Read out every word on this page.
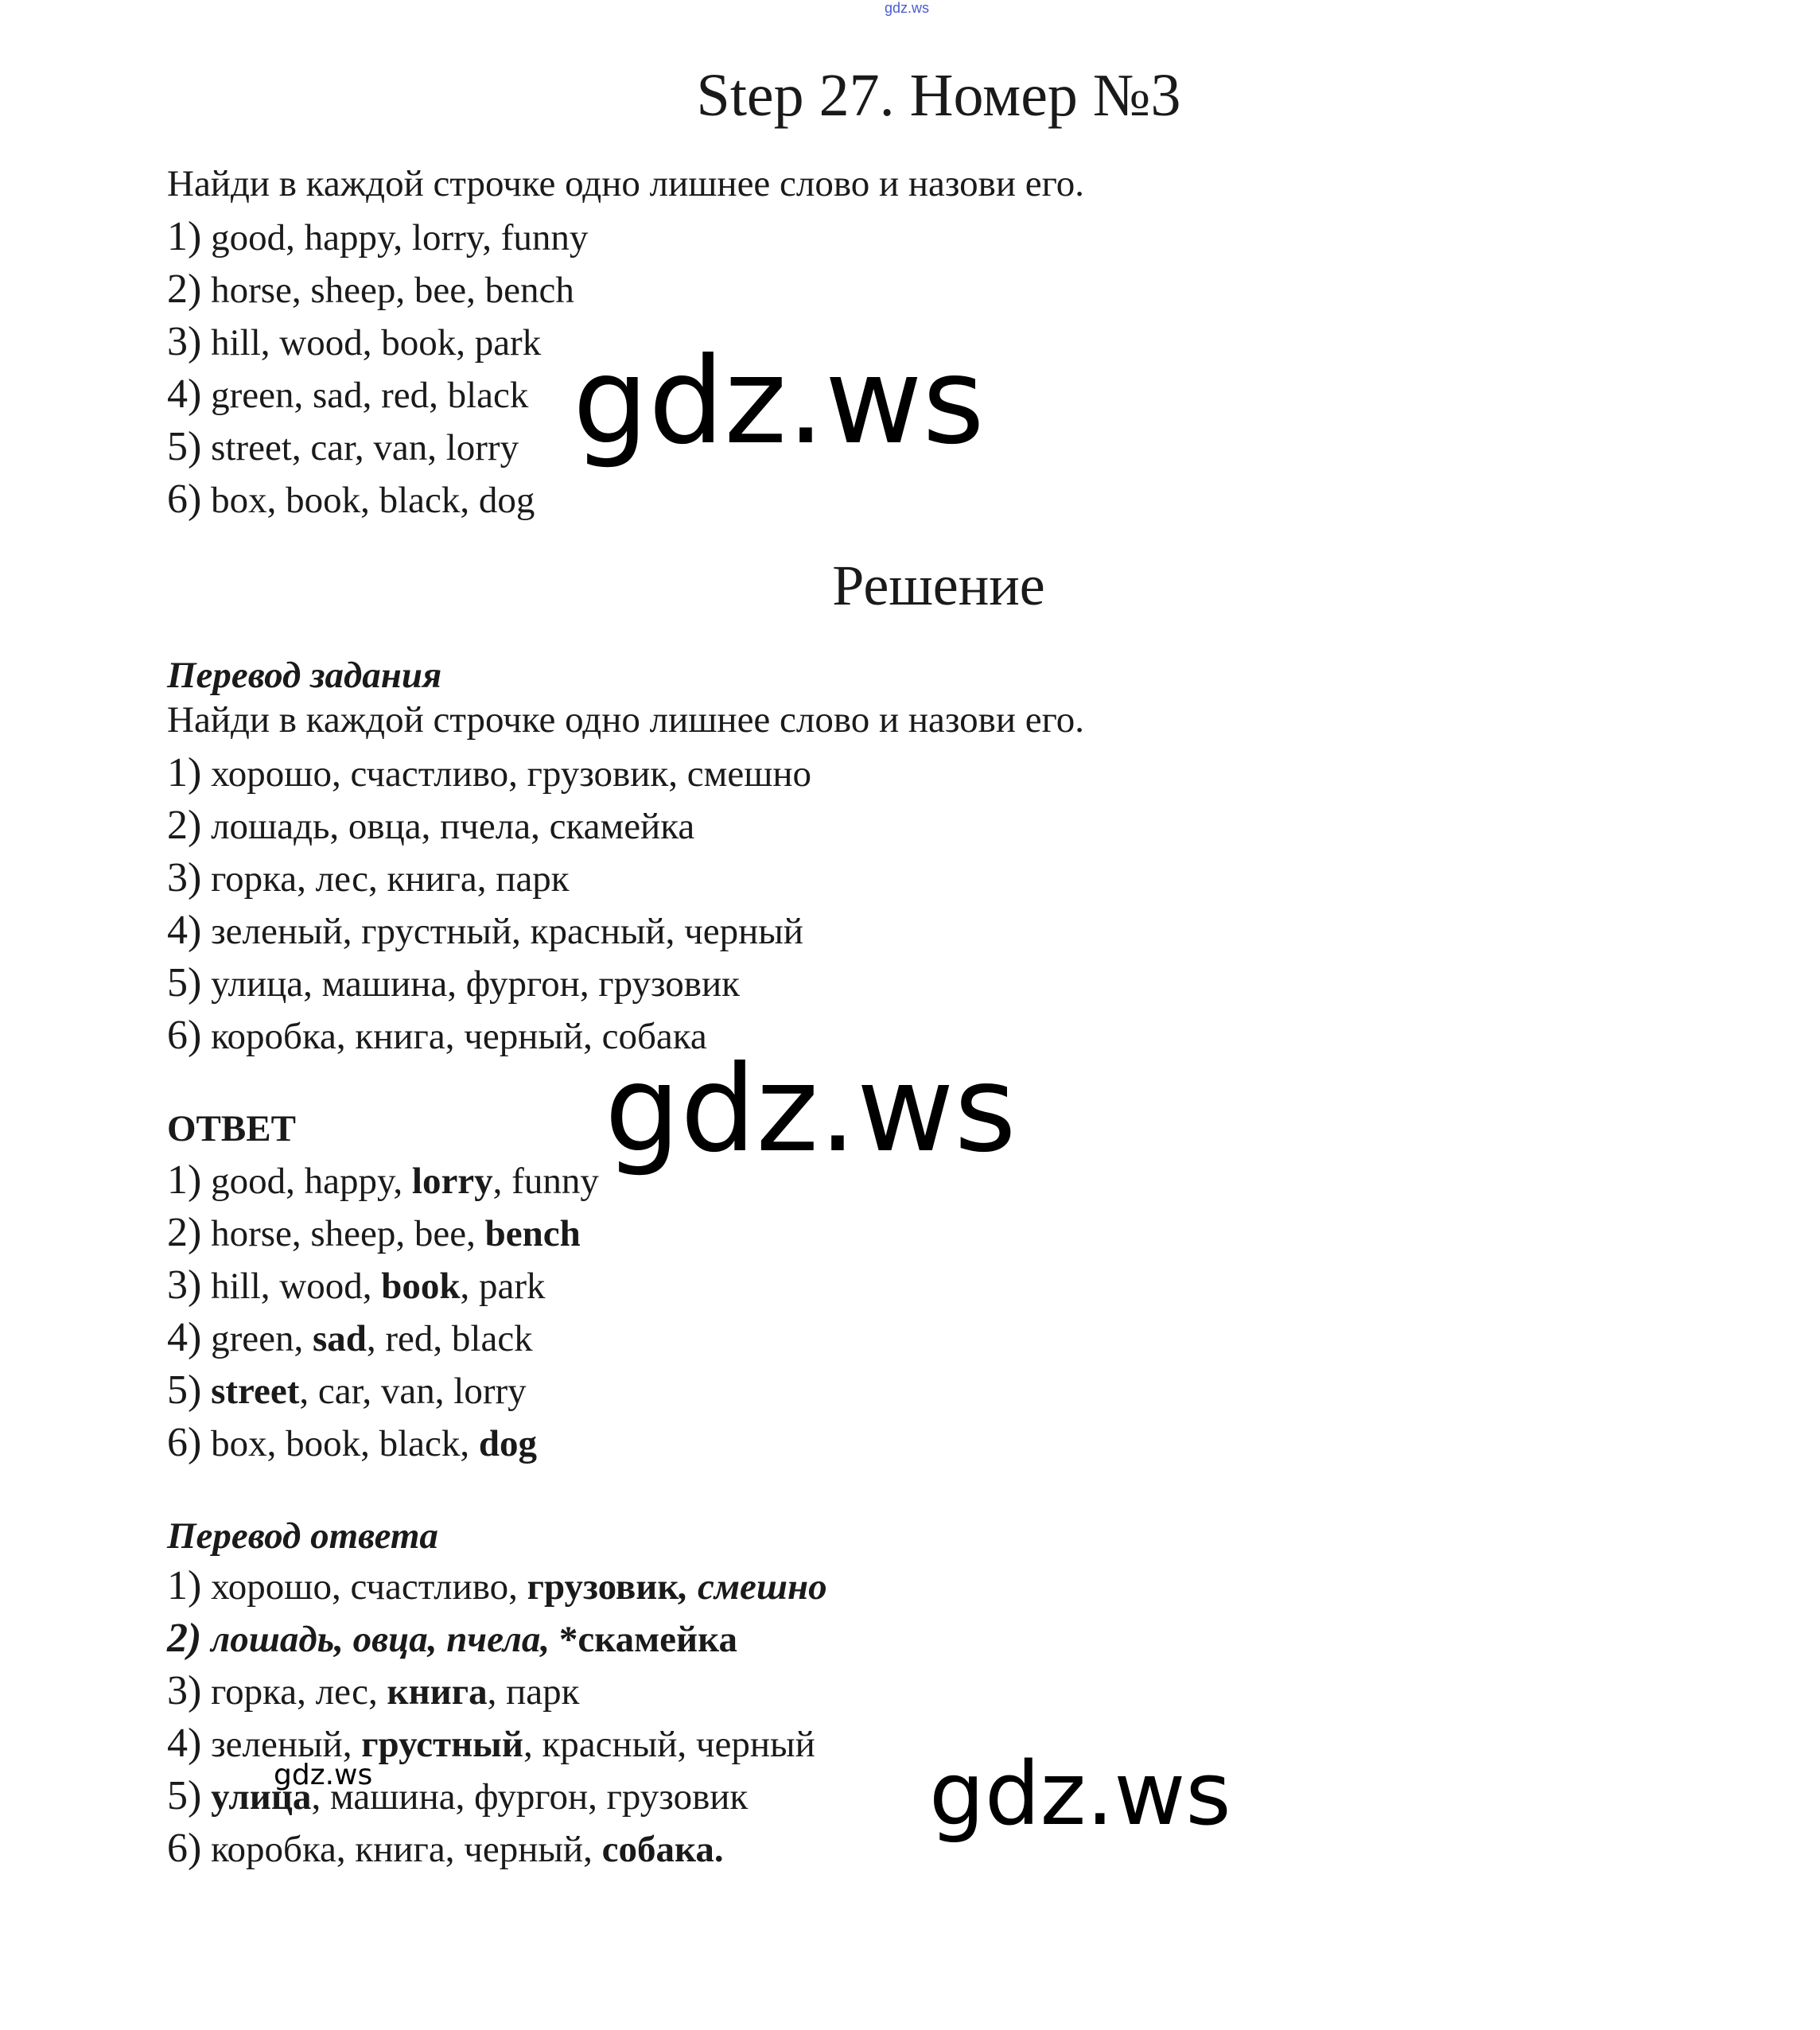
gdz.ws
Step 27. Номер №3
Найди в каждой строчке одно лишнее слово и назови его.
1) good, happy, lorry, funny
2) horse, sheep, bee, bench
3) hill, wood, book, park
4) green, sad, red, black
5) street, car, van, lorry
6) box, book, black, dog
Решение
Перевод задания
Найди в каждой строчке одно лишнее слово и назови его.
1) хорошо, счастливо, грузовик, смешно
2) лошадь, овца, пчела, скамейка
3) горка, лес, книга, парк
4) зеленый, грустный, красный, черный
5) улица, машина, фургон, грузовик
6) коробка, книга, черный, собака
ОТВЕТ
1) good, happy, lorry, funny
2) horse, sheep, bee, bench
3) hill, wood, book, park
4) green, sad, red, black
5) street, car, van, lorry
6) box, book, black, dog
Перевод ответа
1) хорошо, счастливо, грузовик, смешно
2) лошадь, овца, пчела, *скамейка
3) горка, лес, книга, парк
4) зеленый, грустный, красный, черный
5) улица, машина, фургон, грузовик
6) коробка, книга, черный, собака.
gdz.ws
gdz.ws
gdz.ws
gdz.ws
